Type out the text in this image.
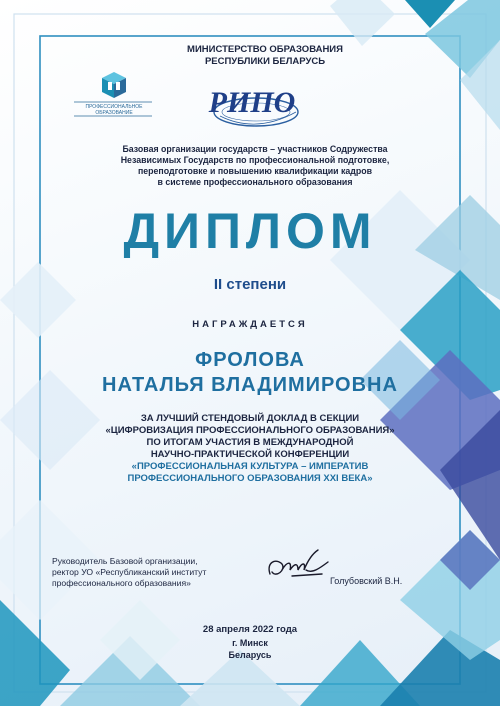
МИНИСТЕРСТВО ОБРАЗОВАНИЯ
РЕСПУБЛИКИ БЕЛАРУСЬ
ПРОФЕССИОНАЛЬНОЕ
ОБРАЗОВАНИЕ	РИПО
Базовая организации государств – участников Содружества
Независимых Государств по профессиональной подготовке,
переподготовке и повышению квалификации кадров
в системе профессионального образования
ДИПЛОМ
II степени
НАГРАЖДАЕТСЯ
ФРОЛОВА
НАТАЛЬЯ ВЛАДИМИРОВНА
ЗА ЛУЧШИЙ СТЕНДОВЫЙ ДОКЛАД В СЕКЦИИ
«ЦИФРОВИЗАЦИЯ ПРОФЕССИОНАЛЬНОГО ОБРАЗОВАНИЯ»
ПО ИТОГАМ УЧАСТИЯ В МЕЖДУНАРОДНОЙ
НАУЧНО-ПРАКТИЧЕСКОЙ КОНФЕРЕНЦИИ
«ПРОФЕССИОНАЛЬНАЯ КУЛЬТУРА – ИМПЕРАТИВ
ПРОФЕССИОНАЛЬНОГО ОБРАЗОВАНИЯ XXI ВЕКА»
Руководитель Базовой организации,
ректор УО «Республиканский институт
профессионального образования»	Голубовский В.Н.
28 апреля 2022 года
г. Минск
Беларусь
